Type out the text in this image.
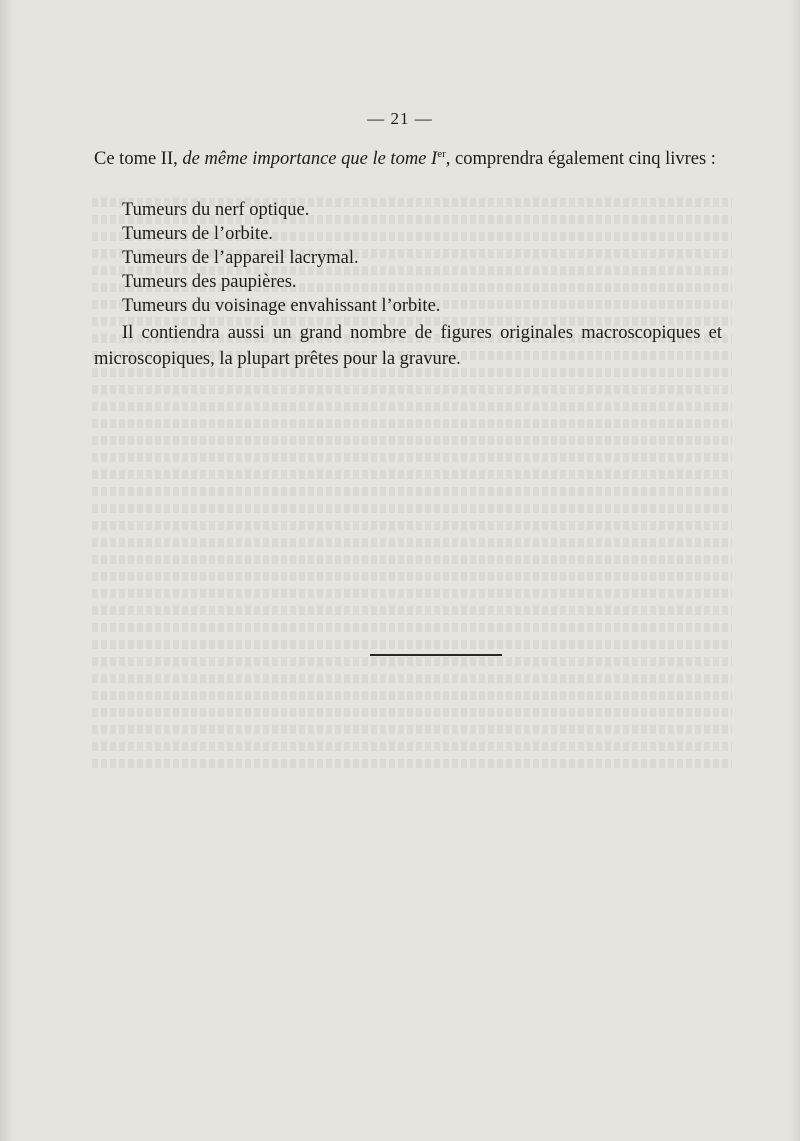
— 21 —

Ce tome II, de même importance que le tome Ier, comprendra également cinq livres :

Tumeurs du nerf optique.
Tumeurs de l’orbite.
Tumeurs de l’appareil lacrymal.
Tumeurs des paupières.
Tumeurs du voisinage envahissant l’orbite.

Il contiendra aussi un grand nombre de figures originales macroscopiques et microscopiques, la plupart prêtes pour la gravure.
